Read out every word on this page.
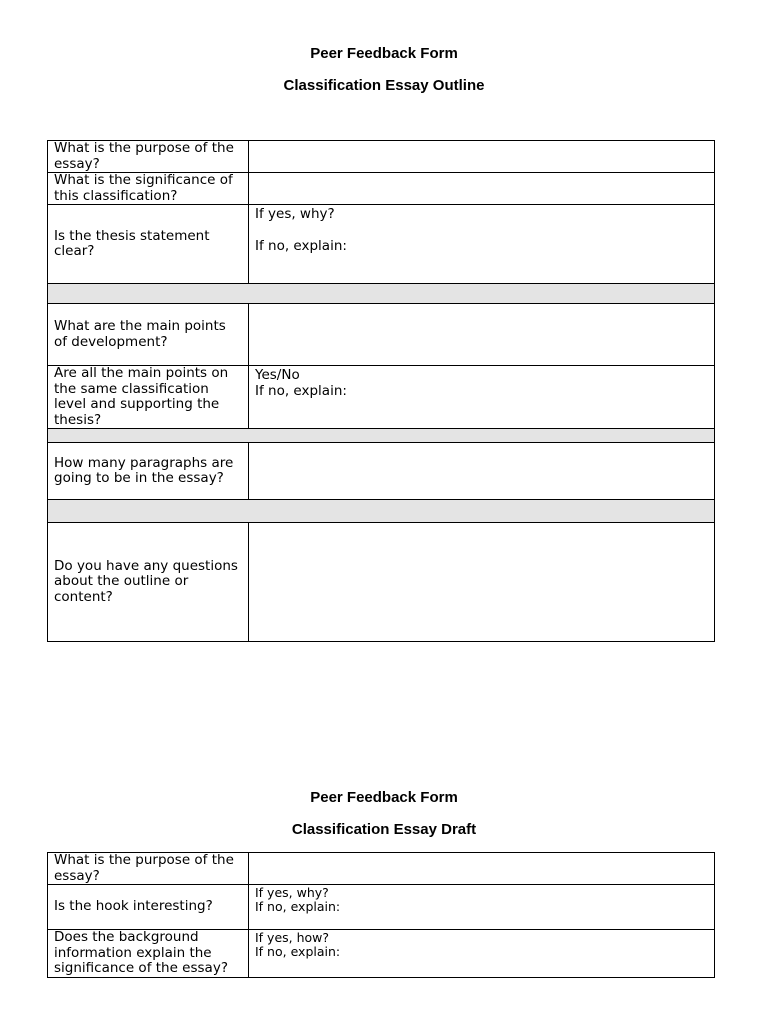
Peer Feedback Form
Classification Essay Outline
What is the purpose of the essay?	
What is the significance of this classification?	
Is the thesis statement clear?	If yes, why?
If no, explain:

What are the main points of development?	
Are all the main points on the same classification level and supporting the thesis?	Yes/No
If no, explain:

How many paragraphs are going to be in the essay?	

Do you have any questions about the outline or content?	
Peer Feedback Form
Classification Essay Draft
What is the purpose of the essay?	
Is the hook interesting?	If yes, why?
If no, explain:

Does the background information explain the significance of the essay?	If yes, how?
If no, explain:
